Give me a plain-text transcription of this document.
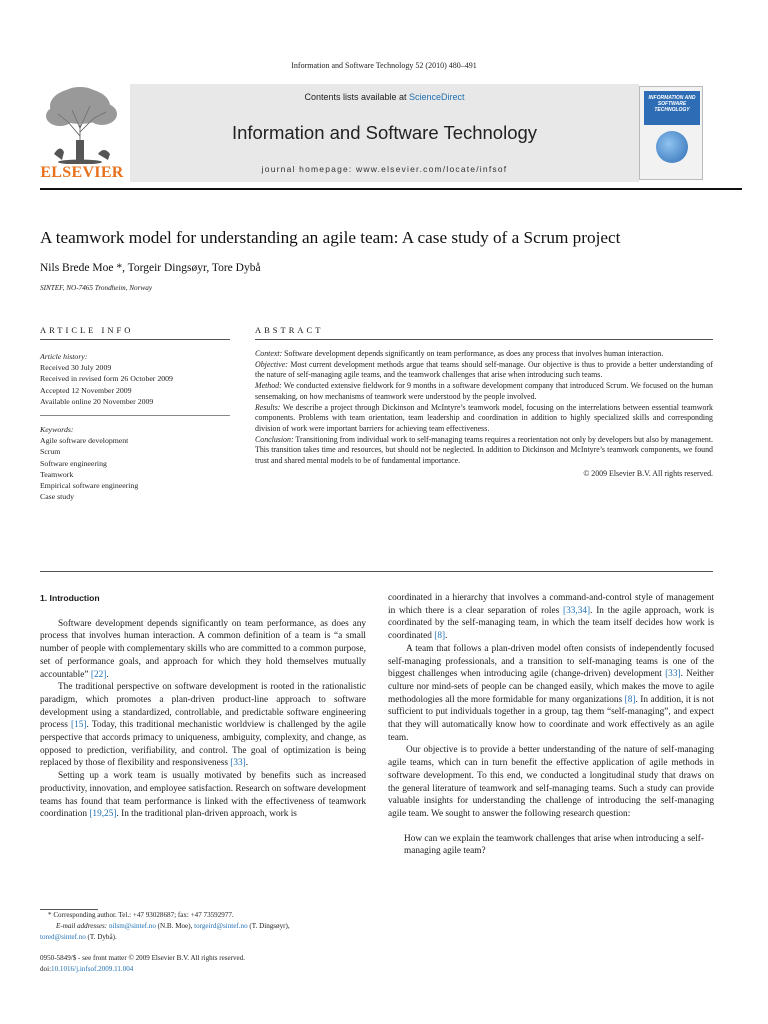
Information and Software Technology 52 (2010) 480–491
ELSEVIER
Contents lists available at ScienceDirect
Information and Software Technology
journal homepage: www.elsevier.com/locate/infsof
INFORMATION AND SOFTWARE TECHNOLOGY
A teamwork model for understanding an agile team: A case study of a Scrum project
Nils Brede Moe *, Torgeir Dingsøyr, Tore Dybå
SINTEF, NO-7465 Trondheim, Norway
ARTICLE INFO	ABSTRACT
Article history:
Received 30 July 2009
Received in revised form 26 October 2009
Accepted 12 November 2009
Available online 20 November 2009
Keywords:
Agile software development
Scrum
Software engineering
Teamwork
Empirical software engineering
Case study

Context: Software development depends significantly on team performance, as does any process that involves human interaction.

Objective: Most current development methods argue that teams should self-manage. Our objective is thus to provide a better understanding of the nature of self-managing agile teams, and the teamwork challenges that arise when introducing such teams.

Method: We conducted extensive fieldwork for 9 months in a software development company that introduced Scrum. We focused on the human sensemaking, on how mechanisms of teamwork were understood by the people involved.

Results: We describe a project through Dickinson and McIntyre’s teamwork model, focusing on the interrelations between essential teamwork components. Problems with team orientation, team leadership and coordination in addition to highly specialized skills and corresponding division of work were important barriers for achieving team effectiveness.

Conclusion: Transitioning from individual work to self-managing teams requires a reorientation not only by developers but also by management. This transition takes time and resources, but should not be neglected. In addition to Dickinson and McIntyre’s teamwork components, we found trust and shared mental models to be of fundamental importance.

© 2009 Elsevier B.V. All rights reserved.

1. Introduction

Software development depends significantly on team performance, as does any process that involves human interaction. A common definition of a team is “a small number of people with complementary skills who are committed to a common purpose, set of performance goals, and approach for which they hold themselves mutually accountable” [22].

The traditional perspective on software development is rooted in the rationalistic paradigm, which promotes a plan-driven product-line approach to software development using a standardized, controllable, and predictable software engineering process [15]. Today, this traditional mechanistic worldview is challenged by the agile perspective that accords primacy to uniqueness, ambiguity, complexity, and change, as opposed to prediction, verifiability, and control. The goal of optimization is being replaced by those of flexibility and responsiveness [33].

Setting up a work team is usually motivated by benefits such as increased productivity, innovation, and employee satisfaction. Research on software development teams has found that team performance is linked with the effectiveness of teamwork coordination [19,25]. In the traditional plan-driven approach, work is

coordinated in a hierarchy that involves a command-and-control style of management in which there is a clear separation of roles [33,34]. In the agile approach, work is coordinated by the self-managing team, in which the team itself decides how work is coordinated [8].

A team that follows a plan-driven model often consists of independently focused self-managing professionals, and a transition to self-managing teams is one of the biggest challenges when introducing agile (change-driven) development [33]. Neither culture nor mind-sets of people can be changed easily, which makes the move to agile methodologies all the more formidable for many organizations [8]. In addition, it is not sufficient to put individuals together in a group, tag them “self-managing”, and expect that they will automatically know how to coordinate and work effectively as an agile team.

Our objective is to provide a better understanding of the nature of self-managing agile teams, which can in turn benefit the effective application of agile methods in software development. To this end, we conducted a longitudinal study that draws on the general literature of teamwork and self-managing teams. Such a study can provide valuable insights for understanding the challenge of introducing the self-managing agile team. We sought to answer the following research question:

How can we explain the teamwork challenges that arise when introducing a self-managing agile team?

* Corresponding author. Tel.: +47 93028687; fax: +47 73592977.
E-mail addresses: nilsm@sintef.no (N.B. Moe), torgeird@sintef.no (T. Dingsøyr),
tored@sintef.no (T. Dybå).
0950-5849/$ - see front matter © 2009 Elsevier B.V. All rights reserved.
doi:10.1016/j.infsof.2009.11.004
